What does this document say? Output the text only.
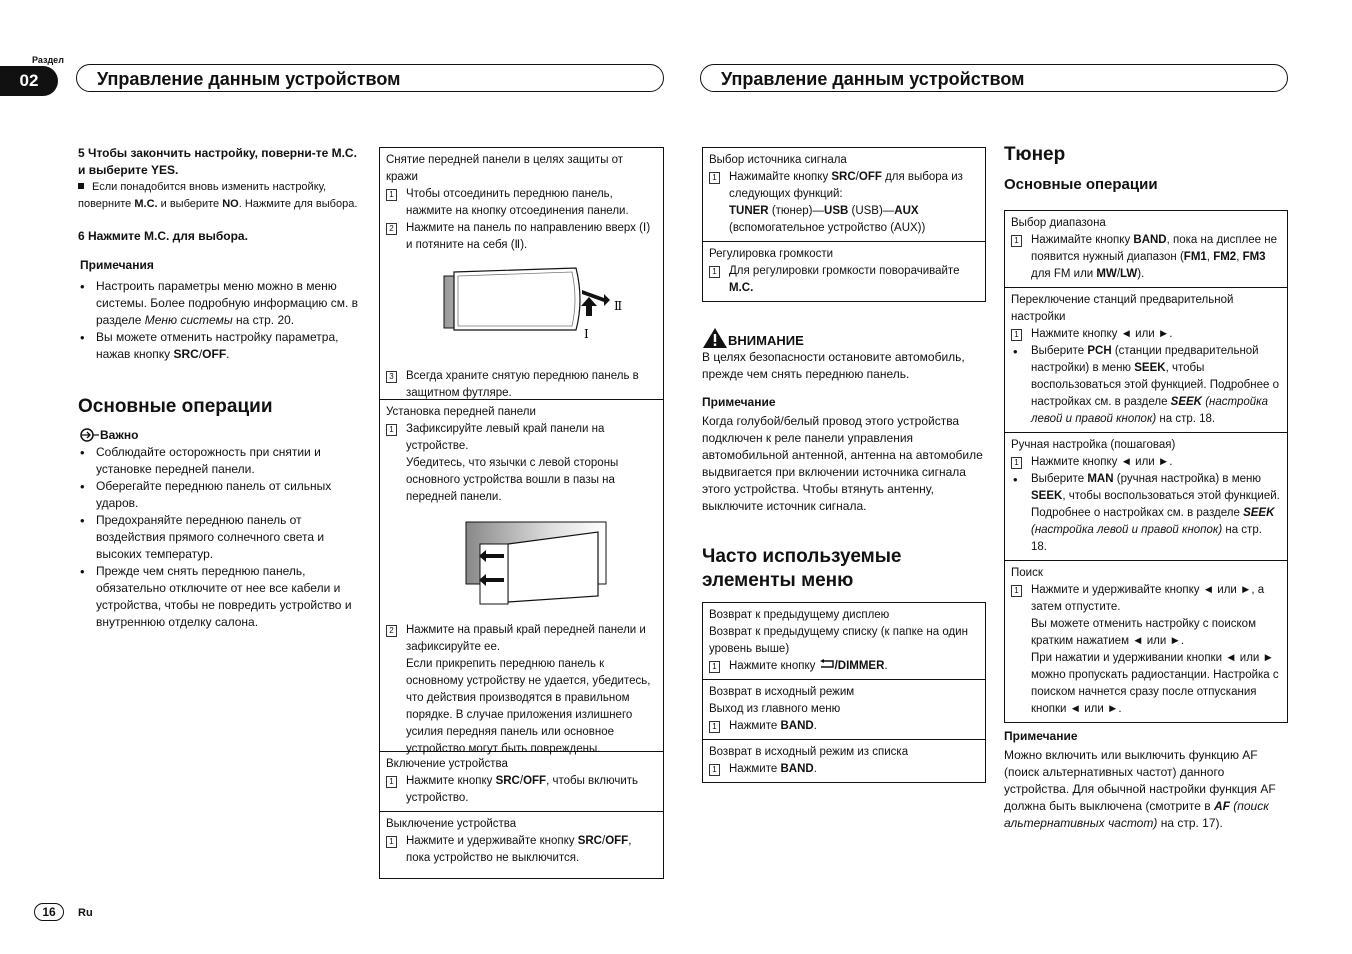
Раздел
02	Управление данным устройством	Управление данным устройством

5 Чтобы закончить настройку, поверни-те M.C. и выберите YES.

Если понадобится вновь изменить настройку, поверните M.C. и выберите NO. Нажмите для выбора.

6 Нажмите M.C. для выбора.

Примечания

• Настроить параметры меню можно в меню системы. Более подробную информацию см. в разделе Меню системы на стр. 20.
• Вы можете отменить настройку параметра, нажав кнопку SRC/OFF.
Основные операции

Важно

• Соблюдайте осторожность при снятии и установке передней панели.
• Оберегайте переднюю панель от сильных ударов.
• Предохраняйте переднюю панель от воздействия прямого солнечного света и высоких температур.
• Прежде чем снять переднюю панель, обязательно отключите от нее все кабели и устройства, чтобы не повредить устройство и внутреннюю отделку салона.
Снятие передней панели в целях защиты от кражи
1 Чтобы отсоединить переднюю панель, нажмите на кнопку отсоединения панели.
2 Нажмите на панель по направлению вверх (Ⅰ) и потяните на себя (Ⅱ).
Ⅱ
Ⅰ
3 Всегда храните снятую переднюю панель в защитном футляре.
Установка передней панели
1 Зафиксируйте левый край панели на устройстве.
Убедитесь, что язычки с левой стороны основного устройства вошли в пазы на передней панели.
2 Нажмите на правый край передней панели и зафиксируйте ее.
Если прикрепить переднюю панель к основному устройству не удается, убедитесь, что действия производятся в правильном порядке. В случае приложения излишнего усилия передняя панель или основное устройство могут быть повреждены.
Включение устройства
1 Нажмите кнопку SRC/OFF, чтобы включить устройство.
Выключение устройства
1 Нажмите и удерживайте кнопку SRC/OFF, пока устройство не выключится.
Выбор источника сигнала
1 Нажимайте кнопку SRC/OFF для выбора из следующих функций:
TUNER (тюнер)—USB (USB)—AUX (вспомогательное устройство (AUX))
Регулировка громкости
1 Для регулировки громкости поворачивайте M.C.
ВНИМАНИЕ
В целях безопасности остановите автомобиль, прежде чем снять переднюю панель.
Примечание
Когда голубой/белый провод этого устройства подключен к реле панели управления автомобильной антенной, антенна на автомобиле выдвигается при включении источника сигнала этого устройства. Чтобы втянуть антенну, выключите источник сигнала.
Часто используемые элементы меню
Возврат к предыдущему дисплею
Возврат к предыдущему списку (к папке на один уровень выше)
1 Нажмите кнопку /DIMMER.
Возврат в исходный режим
Выход из главного меню
1 Нажмите BAND.
Возврат в исходный режим из списка
1 Нажмите BAND.
Тюнер
Основные операции
Выбор диапазона
1 Нажимайте кнопку BAND, пока на дисплее не появится нужный диапазон (FM1, FM2, FM3 для FM или MW/LW).
Переключение станций предварительной настройки
1 Нажмите кнопку ◄ или ►.
• Выберите PCH (станции предварительной настройки) в меню SEEK, чтобы воспользоваться этой функцией. Подробнее о настройках см. в разделе SEEK (настройка левой и правой кнопок) на стр. 18.
Ручная настройка (пошаговая)
1 Нажмите кнопку ◄ или ►.
• Выберите MAN (ручная настройка) в меню SEEK, чтобы воспользоваться этой функцией. Подробнее о настройках см. в разделе SEEK (настройка левой и правой кнопок) на стр. 18.
Поиск
1 Нажмите и удерживайте кнопку ◄ или ►, а затем отпустите.
Вы можете отменить настройку с поиском кратким нажатием ◄ или ►.
При нажатии и удерживании кнопки ◄ или ► можно пропускать радиостанции. Настройка с поиском начнется сразу после отпускания кнопки ◄ или ►.
Примечание
Можно включить или выключить функцию AF (поиск альтернативных частот) данного устройства. Для обычной настройки функция AF должна быть выключена (смотрите в AF (поиск альтернативных частот) на стр. 17).
16	Ru
